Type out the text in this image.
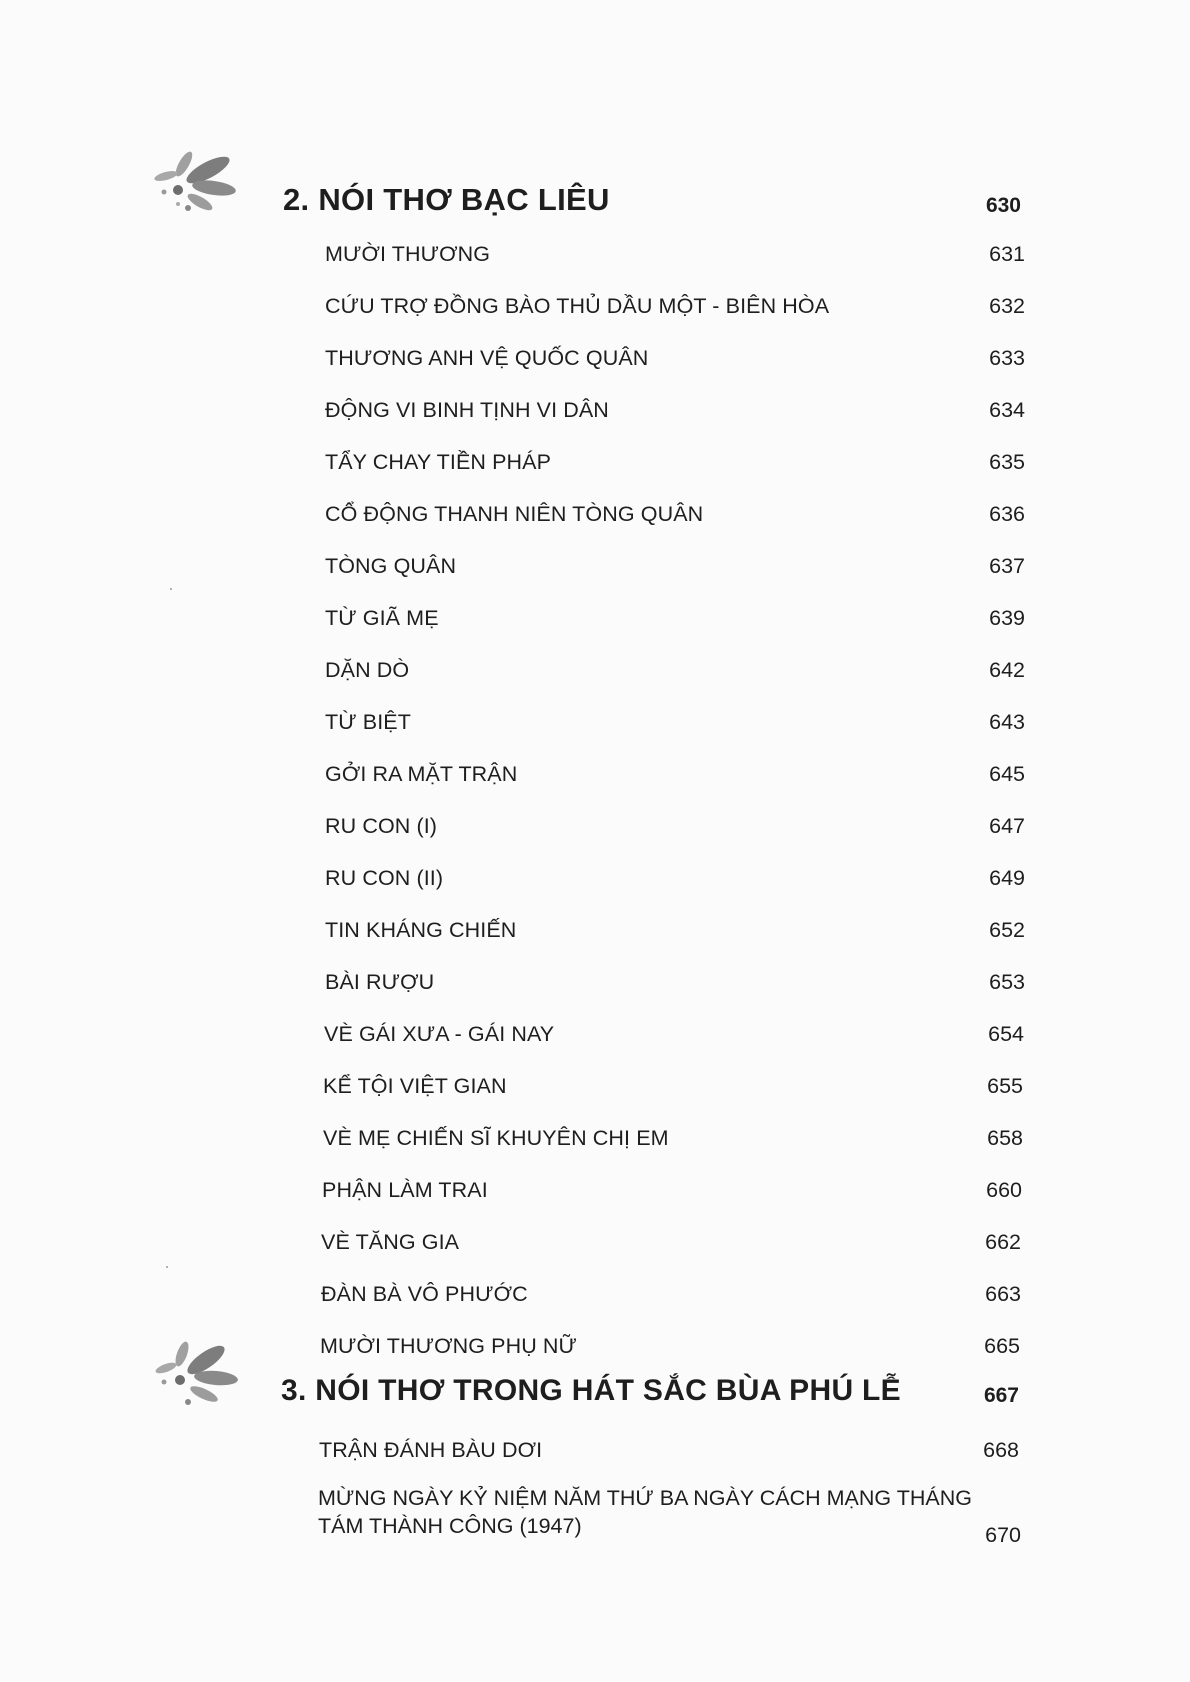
2. NÓI THƠ BẠC LIÊU	630
MƯỜI THƯƠNG	631
CỨU TRỢ ĐỒNG BÀO THỦ DẦU MỘT - BIÊN HÒA	632
THƯƠNG ANH VỆ QUỐC QUÂN	633
ĐỘNG VI BINH TỊNH VI DÂN	634
TẨY CHAY TIỀN PHÁP	635
CỔ ĐỘNG THANH NIÊN TÒNG QUÂN	636
TÒNG QUÂN	637
TỪ GIÃ MẸ	639
DẶN DÒ	642
TỪ BIỆT	643
GỞI RA MẶT TRẬN	645
RU CON (I)	647
RU CON (II)	649
TIN KHÁNG CHIẾN	652
BÀI RƯỢU	653
VÈ GÁI XƯA - GÁI NAY	654
KỂ TỘI VIỆT GIAN	655
VÈ MẸ CHIẾN SĨ KHUYÊN CHỊ EM	658
PHẬN LÀM TRAI	660
VÈ TĂNG GIA	662
ĐÀN BÀ VÔ PHƯỚC	663
MƯỜI THƯƠNG PHỤ NỮ	665
3. NÓI THƠ TRONG HÁT SẮC BÙA PHÚ LỄ	667
TRẬN ĐÁNH BÀU DƠI	668
MỪNG NGÀY KỶ NIỆM NĂM THỨ BA NGÀY CÁCH MẠNG THÁNG TÁM THÀNH CÔNG (1947)	670
